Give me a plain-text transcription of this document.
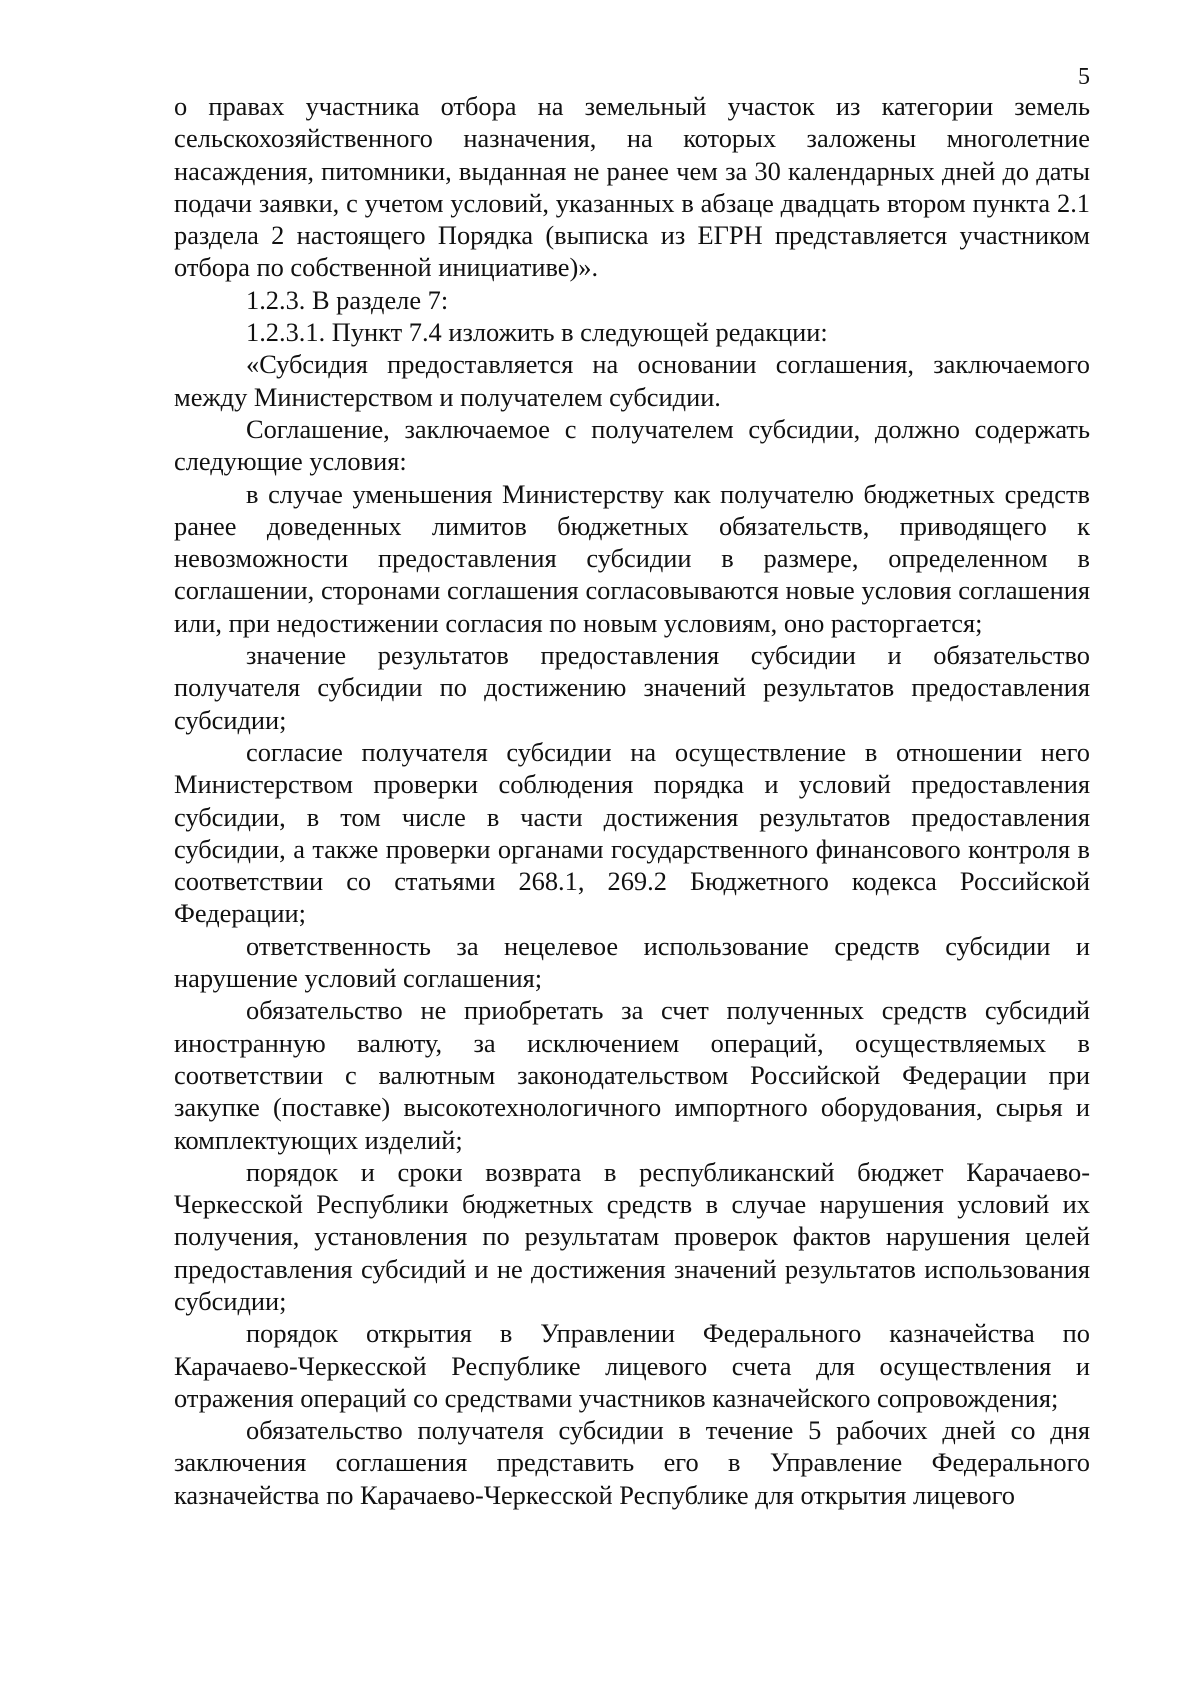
5

о правах участника отбора на земельный участок из категории земель сельскохозяйственного назначения, на которых заложены многолетние насаждения, питомники, выданная не ранее чем за 30 календарных дней до даты подачи заявки, с учетом условий, указанных в абзаце двадцать втором пункта 2.1 раздела 2 настоящего Порядка (выписка из ЕГРН представляется участником отбора по собственной инициативе)».

1.2.3. В разделе 7:

1.2.3.1. Пункт 7.4 изложить в следующей редакции:

«Субсидия предоставляется на основании соглашения, заключаемого между Министерством и получателем субсидии.

Соглашение, заключаемое с получателем субсидии, должно содержать следующие условия:

в случае уменьшения Министерству как получателю бюджетных средств ранее доведенных лимитов бюджетных обязательств, приводящего к невозможности предоставления субсидии в размере, определенном в соглашении, сторонами соглашения согласовываются новые условия соглашения или, при недостижении согласия по новым условиям, оно расторгается;

значение результатов предоставления субсидии и обязательство получателя субсидии по достижению значений результатов предоставления субсидии;

согласие получателя субсидии на осуществление в отношении него Министерством проверки соблюдения порядка и условий предоставления субсидии, в том числе в части достижения результатов предоставления субсидии, а также проверки органами государственного финансового контроля в соответствии со статьями 268.1, 269.2 Бюджетного кодекса Российской Федерации;

ответственность за нецелевое использование средств субсидии и нарушение условий соглашения;

обязательство не приобретать за счет полученных средств субсидий иностранную валюту, за исключением операций, осуществляемых в соответствии с валютным законодательством Российской Федерации при закупке (поставке) высокотехнологичного импортного оборудования, сырья и комплектующих изделий;

порядок и сроки возврата в республиканский бюджет Карачаево-Черкесской Республики бюджетных средств в случае нарушения условий их получения, установления по результатам проверок фактов нарушения целей предоставления субсидий и не достижения значений результатов использования субсидии;

порядок открытия в Управлении Федерального казначейства по Карачаево-Черкесской Республике лицевого счета для осуществления и отражения операций со средствами участников казначейского сопровождения;

обязательство получателя субсидии в течение 5 рабочих дней со дня заключения соглашения представить его в Управление Федерального казначейства по Карачаево-Черкесской Республике для открытия лицевого
